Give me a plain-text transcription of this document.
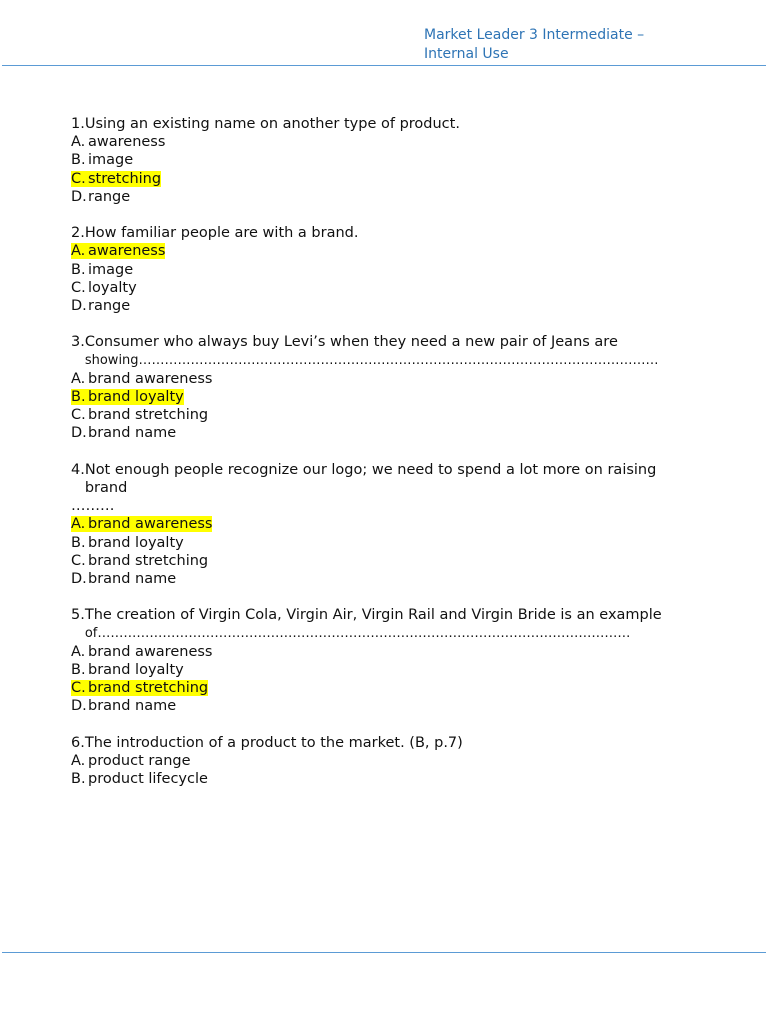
Market Leader 3 Intermediate –
Internal Use
1. Using an existing name on another type of product.
A. awareness
B. image
C. stretching
D.range
2. How familiar people are with a brand.
A. awareness
B. image
C. loyalty
D.range
3. Consumer who always buy Levi’s when they need a new pair of Jeans are
showing…………………………………………………………………………………………………………
A. brand awareness
B. brand loyalty
C. brand stretching
D.brand name
4. Not enough people recognize our logo; we need to spend a lot more on raising
brand
………
A. brand awareness
B. brand loyalty
C. brand stretching
D.brand name
5. The creation of Virgin Cola, Virgin Air, Virgin Rail and Virgin Bride is an example
of……………………………………………………………………………………………………………
A. brand awareness
B. brand loyalty
C. brand stretching
D.brand name
6. The introduction of a product to the market. (B, p.7)
A. product range
B. product lifecycle
